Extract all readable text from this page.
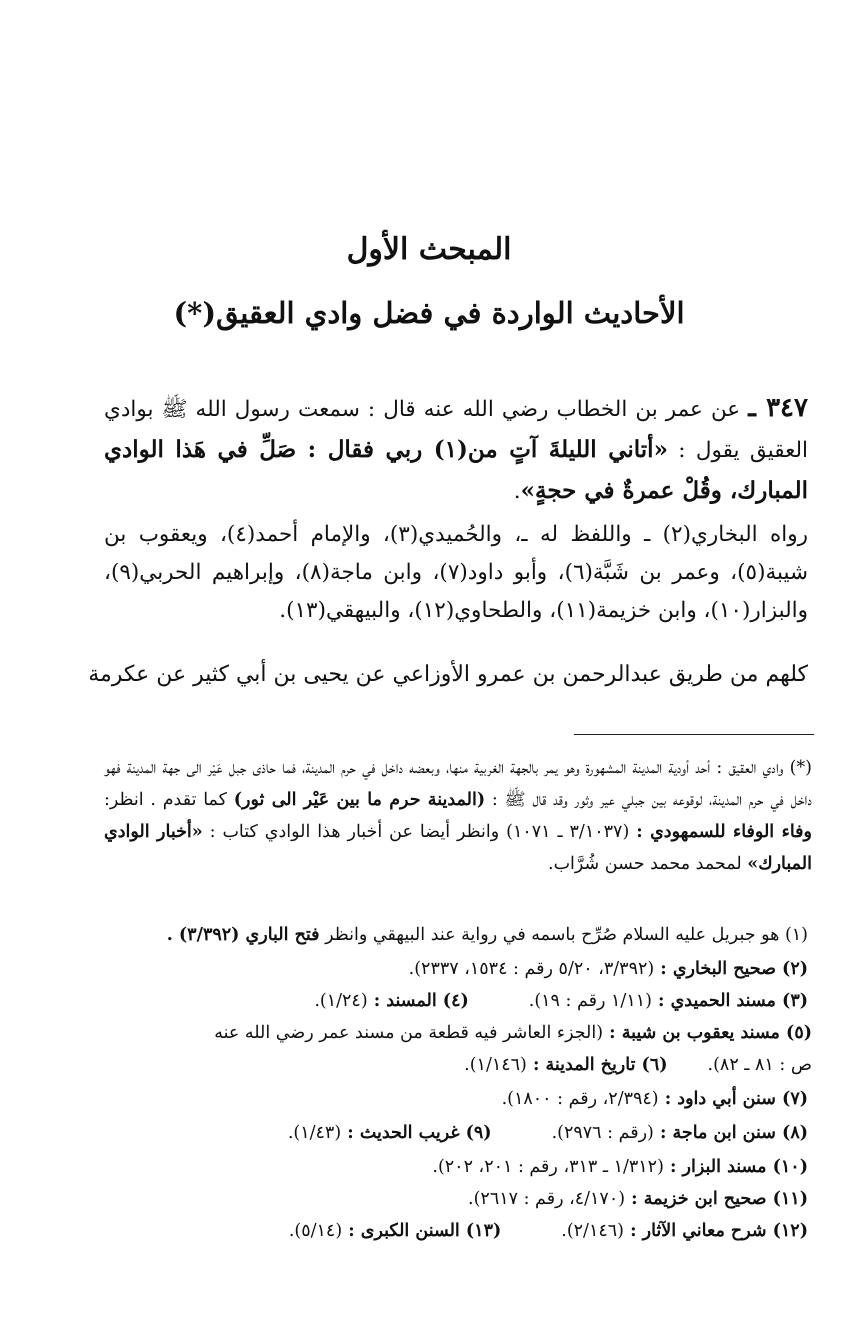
المبحث الأول
الأحاديث الواردة في فضل وادي العقيق(*)
٣٤٧ ـ عن عمر بن الخطاب رضي الله عنه قال : سمعت رسول الله ﷺ بوادي العقيق يقول : «أتاني الليلةَ آتٍ من(١) ربي فقال : صَلِّ في هَذا الوادي المبارك، وقُلْ عمرةٌ في حجةٍ».
رواه البخاري(٢) ـ واللفظ له ـ، والحُميدي(٣)، والإمام أحمد(٤)، ويعقوب بن شيبة(٥)، وعمر بن شَبَّة(٦)، وأبو داود(٧)، وابن ماجة(٨)، وإبراهيم الحربي(٩)، والبزار(١٠)، وابن خزيمة(١١)، والطحاوي(١٢)، والبيهقي(١٣).
كلهم من طريق عبدالرحمن بن عمرو الأوزاعي عن يحيى بن أبي كثير عن عكرمة
(*) وادي العقيق : أحد أودية المدينة المشهورة وهو يمر بالجهة الغربية منها، وبعضه داخل في حرم المدينة، فما حاذى جبل عَيْر الى جهة المدينة فهو داخل في حرم المدينة، لوقوعه بين جبلي عير وثور وقد قال ﷺ : (المدينة حرم ما بين عَيْر الى ثور) كما تقدم . انظر: وفاء الوفاء للسمهودي : (٣/١٠٣٧ ـ ١٠٧١) وانظر أيضا عن أخبار هذا الوادي كتاب : «أخبار الوادي المبارك» لمحمد محمد حسن شُرَّاب.
(١) هو جبريل عليه السلام صُرِّح باسمه في رواية عند البيهقي وانظر فتح الباري (٣/٣٩٢) .
(٢) صحيح البخاري : (٣/٣٩٢، ٥/٢٠ رقم : ١٥٣٤، ٢٣٣٧).
(٣) مسند الحميدي : (١/١١ رقم : ١٩).(٤) المسند : (١/٢٤).
(٥) مسند يعقوب بن شيبة : (الجزء العاشر فيه قطعة من مسند عمر رضي الله عنه
ص : ٨١ ـ ٨٢).(٦) تاريخ المدينة : (١/١٤٦).
(٧) سنن أبي داود : (٢/٣٩٤، رقم : ١٨٠٠).
(٨) سنن ابن ماجة : (رقم : ٢٩٧٦).(٩) غريب الحديث : (١/٤٣).
(١٠) مسند البزار : (١/٣١٢ ـ ٣١٣، رقم : ٢٠١، ٢٠٢).
(١١) صحيح ابن خزيمة : (٤/١٧٠، رقم : ٢٦١٧).
(١٢) شرح معاني الآثار : (٢/١٤٦).(١٣) السنن الكبرى : (٥/١٤).
